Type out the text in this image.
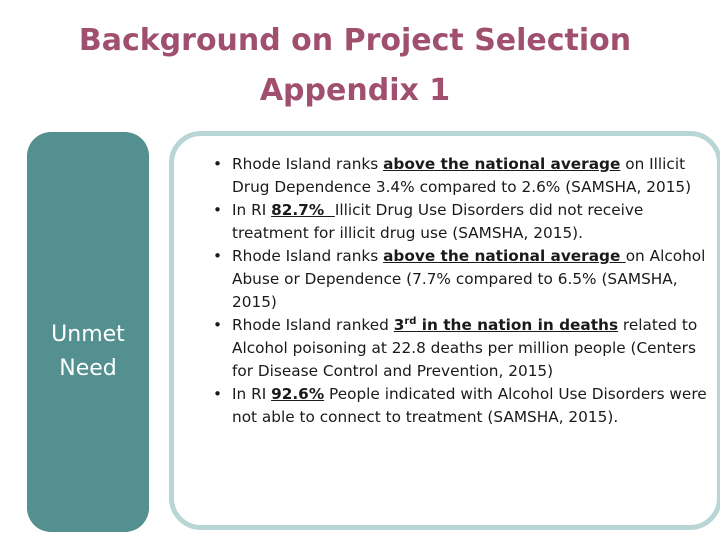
Background on Project Selection
Appendix 1
Unmet
Need
• Rhode Island ranks above the national average on Illicit Drug Dependence 3.4% compared to 2.6% (SAMSHA, 2015)
• In RI 82.7%  Illicit Drug Use Disorders did not receive treatment for illicit drug use (SAMSHA, 2015).
• Rhode Island ranks above the national average on Alcohol Abuse or Dependence (7.7% compared to 6.5% (SAMSHA, 2015)
• Rhode Island ranked 3rd in the nation in deaths related to Alcohol poisoning at 22.8 deaths per million people (Centers for Disease Control and Prevention, 2015)
• In RI 92.6% People indicated with Alcohol Use Disorders were not able to connect to treatment (SAMSHA, 2015).
